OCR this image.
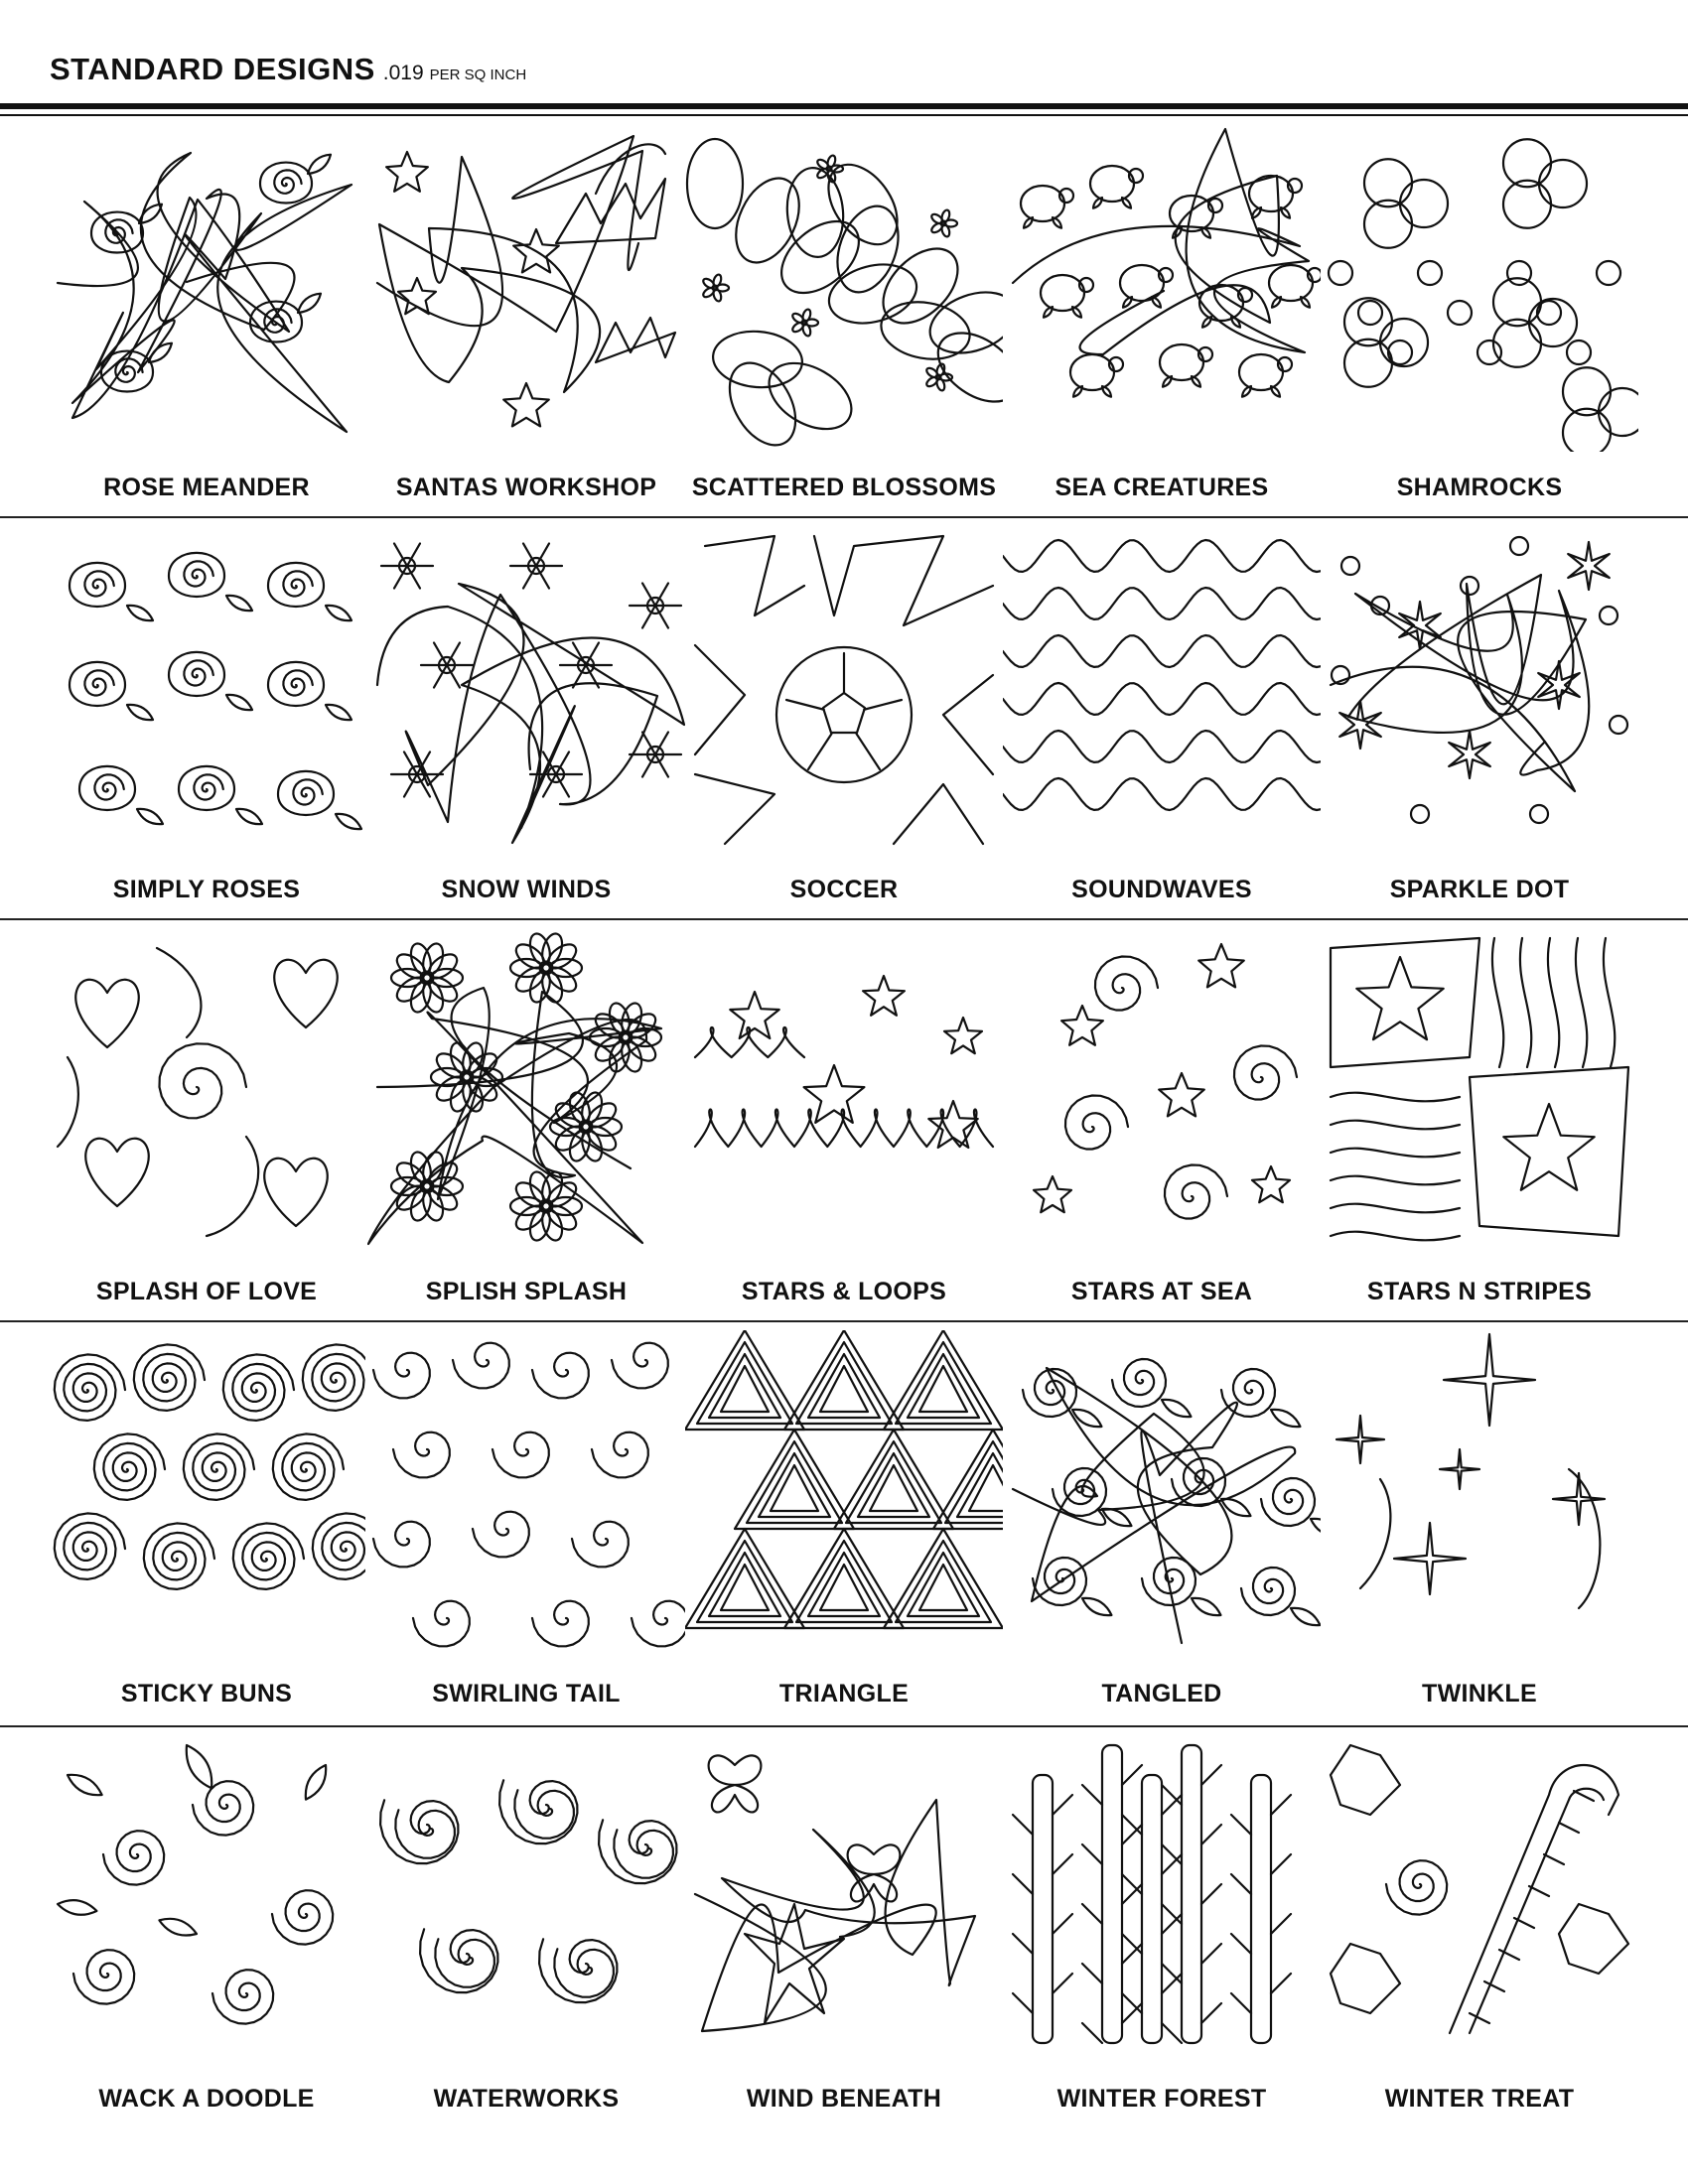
STANDARD DESIGNS .019 PER SQ INCH
ROSE MEANDER	SANTAS WORKSHOP	SCATTERED BLOSSOMS	SEA CREATURES	SHAMROCKS
SIMPLY ROSES	SNOW WINDS	SOCCER	SOUNDWAVES	SPARKLE DOT
SPLASH OF LOVE	SPLISH SPLASH	STARS & LOOPS	STARS AT SEA	STARS N STRIPES
STICKY BUNS	SWIRLING TAIL	TRIANGLE	TANGLED	TWINKLE
WACK A DOODLE	WATERWORKS	WIND BENEATH	WINTER FOREST	WINTER TREAT
